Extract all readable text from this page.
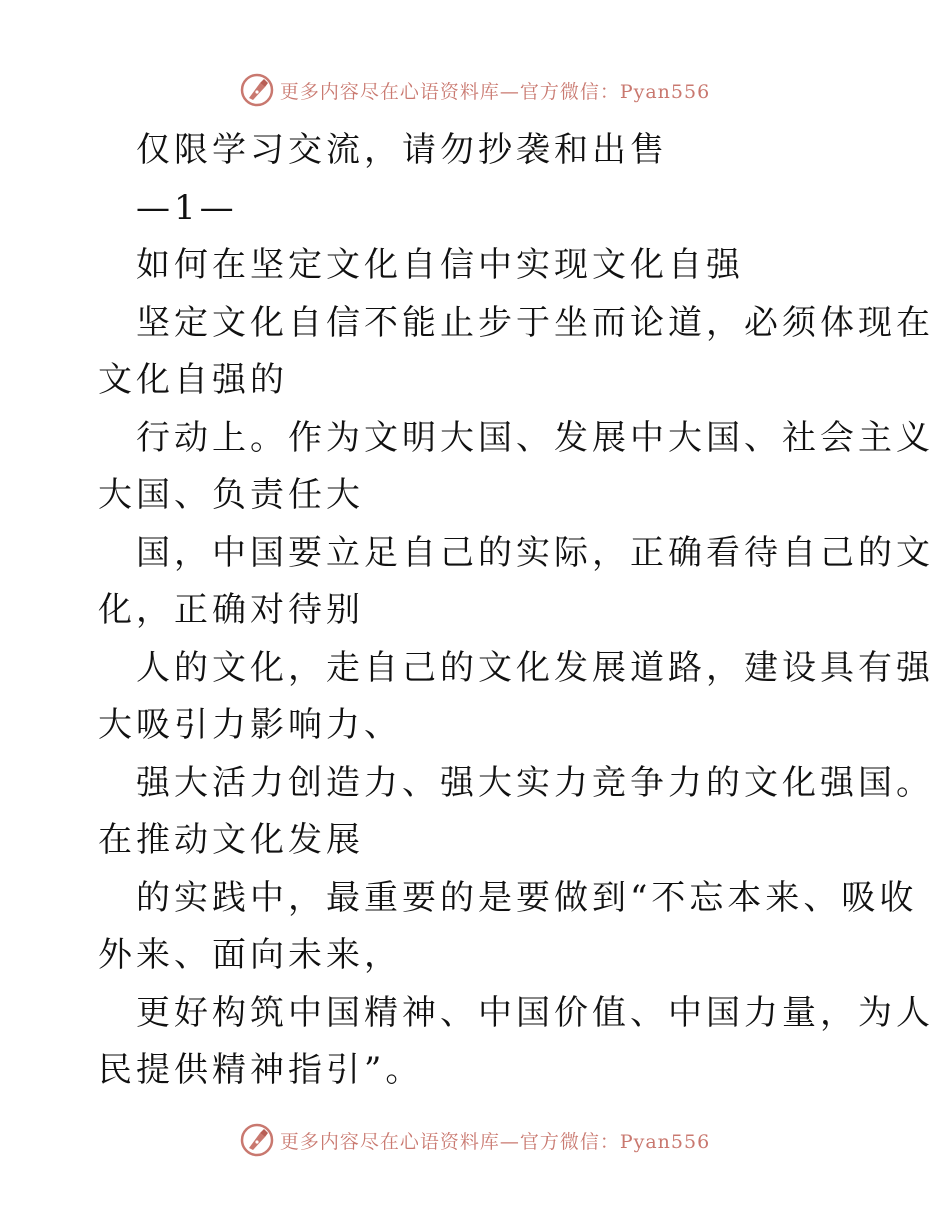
更多内容尽在心语资料库—官方微信：Pyan556
仅限学习交流，请勿抄袭和出售
—1—
如何在坚定文化自信中实现文化自强
坚定文化自信不能止步于坐而论道，必须体现在
文化自强的
行动上。作为文明大国、发展中大国、社会主义
大国、负责任大
国，中国要立足自己的实际，正确看待自己的文
化，正确对待别
人的文化，走自己的文化发展道路，建设具有强
大吸引力影响力、
强大活力创造力、强大实力竞争力的文化强国。
在推动文化发展
的实践中，最重要的是要做到“不忘本来、吸收
外来、面向未来，
更好构筑中国精神、中国价值、中国力量，为人
民提供精神指引”。
更多内容尽在心语资料库—官方微信：Pyan556
